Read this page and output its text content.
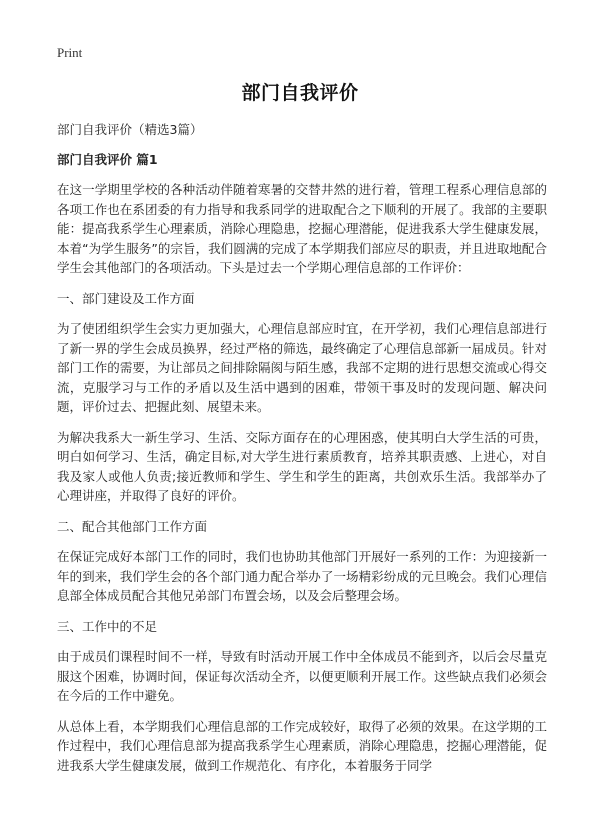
Print
部门自我评价

部门自我评价（精选3篇）

部门自我评价 篇1

在这一学期里学校的各种活动伴随着寒暑的交替井然的进行着，管理工程系心理信息部的各项工作也在系团委的有力指导和我系同学的进取配合之下顺利的开展了。我部的主要职能：提高我系学生心理素质，消除心理隐患，挖掘心理潜能，促进我系大学生健康发展，本着“为学生服务”的宗旨，我们圆满的完成了本学期我们部应尽的职责，并且进取地配合学生会其他部门的各项活动。下头是过去一个学期心理信息部的工作评价：

一、部门建设及工作方面

为了使团组织学生会实力更加强大，心理信息部应时宜，在开学初，我们心理信息部进行了新一界的学生会成员换界，经过严格的筛选，最终确定了心理信息部新一届成员。针对部门工作的需要，为让部员之间排除隔阂与陌生感，我部不定期的进行思想交流或心得交流，克服学习与工作的矛盾以及生活中遇到的困难，带领干事及时的发现问题、解决问题，评价过去、把握此刻、展望未来。

为解决我系大一新生学习、生活、交际方面存在的心理困惑，使其明白大学生活的可贵，明白如何学习、生活，确定目标,对大学生进行素质教育，培养其职责感、上进心，对自我及家人或他人负责;接近教师和学生、学生和学生的距离，共创欢乐生活。我部举办了心理讲座，并取得了良好的评价。

二、配合其他部门工作方面

在保证完成好本部门工作的同时，我们也协助其他部门开展好一系列的工作：为迎接新一年的到来，我们学生会的各个部门通力配合举办了一场精彩纷成的元旦晚会。我们心理信息部全体成员配合其他兄弟部门布置会场，以及会后整理会场。

三、工作中的不足

由于成员们课程时间不一样，导致有时活动开展工作中全体成员不能到齐，以后会尽量克服这个困难，协调时间，保证每次活动全齐，以便更顺利开展工作。这些缺点我们必须会在今后的工作中避免。

从总体上看，本学期我们心理信息部的工作完成较好，取得了必须的效果。在这学期的工作过程中，我们心理信息部为提高我系学生心理素质，消除心理隐患，挖掘心理潜能，促进我系大学生健康发展，做到工作规范化、有序化，本着服务于同学
